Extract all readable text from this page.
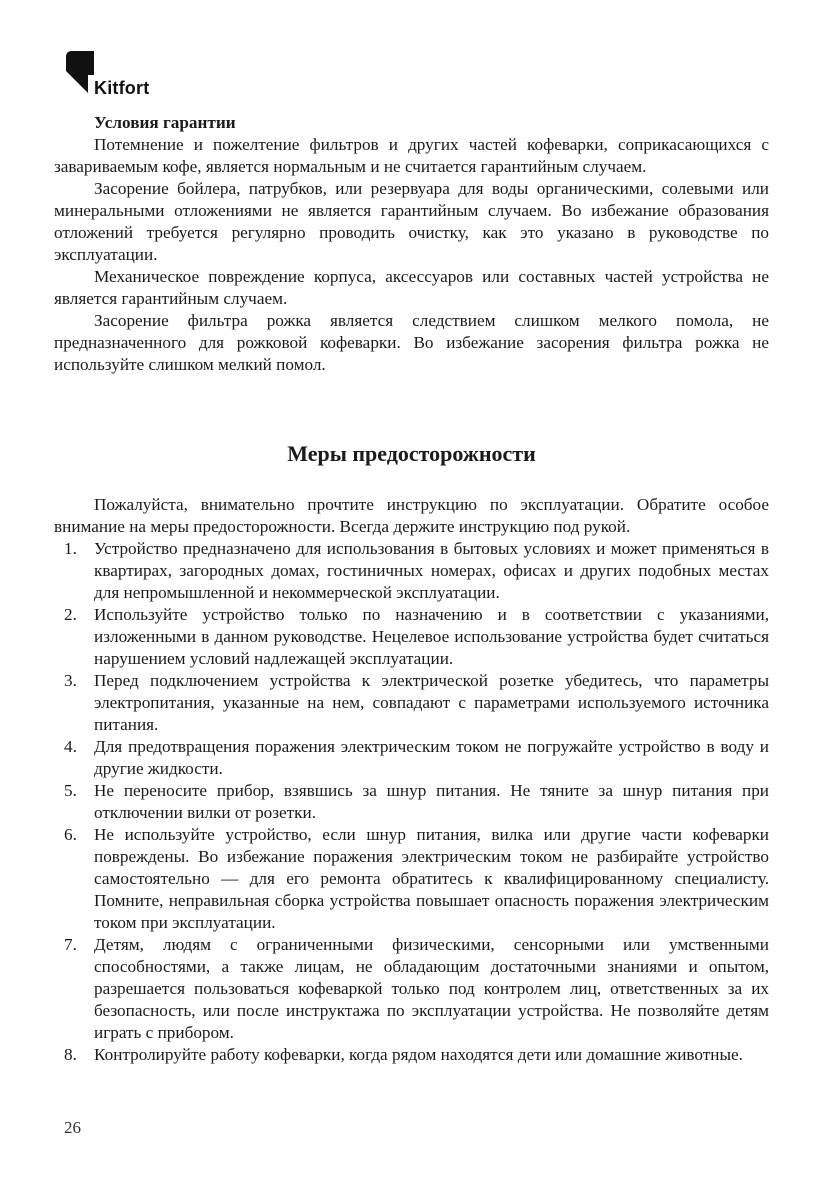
Kitfort
Условия гарантии

Потемнение и пожелтение фильтров и других частей кофеварки, соприкасающихся с завариваемым кофе, является нормальным и не считается гарантийным случаем.

Засорение бойлера, патрубков, или резервуара для воды органическими, солевыми или минеральными отложениями не является гарантийным случаем. Во избежание образования отложений требуется регулярно проводить очистку, как это указано в руководстве по эксплуатации.

Механическое повреждение корпуса, аксессуаров или составных частей устройства не является гарантийным случаем.

Засорение фильтра рожка является следствием слишком мелкого помола, не предназначенного для рожковой кофеварки. Во избежание засорения фильтра рожка не используйте слишком мелкий помол.

Меры предосторожности

Пожалуйста, внимательно прочтите инструкцию по эксплуатации. Обратите особое внимание на меры предосторожности. Всегда держите инструкцию под рукой.

1. Устройство предназначено для использования в бытовых условиях и может применяться в квартирах, загородных домах, гостиничных номерах, офисах и других подобных местах для непромышленной и некоммерческой эксплуатации.
2. Используйте устройство только по назначению и в соответствии с указаниями, изложенными в данном руководстве. Нецелевое использование устройства будет считаться нарушением условий надлежащей эксплуатации.
3. Перед подключением устройства к электрической розетке убедитесь, что параметры электропитания, указанные на нем, совпадают с параметрами используемого источника питания.
4. Для предотвращения поражения электрическим током не погружайте устройство в воду и другие жидкости.
5. Не переносите прибор, взявшись за шнур питания. Не тяните за шнур питания при отключении вилки от розетки.
6. Не используйте устройство, если шнур питания, вилка или другие части кофеварки повреждены. Во избежание поражения электрическим током не разбирайте устройство самостоятельно — для его ремонта обратитесь к квалифицированному специалисту. Помните, неправильная сборка устройства повышает опасность поражения электрическим током при эксплуатации.
7. Детям, людям с ограниченными физическими, сенсорными или умственными способностями, а также лицам, не обладающим достаточными знаниями и опытом, разрешается пользоваться кофеваркой только под контролем лиц, ответственных за их безопасность, или после инструктажа по эксплуатации устройства. Не позволяйте детям играть с прибором.
8. Контролируйте работу кофеварки, когда рядом находятся дети или домашние животные.
26
